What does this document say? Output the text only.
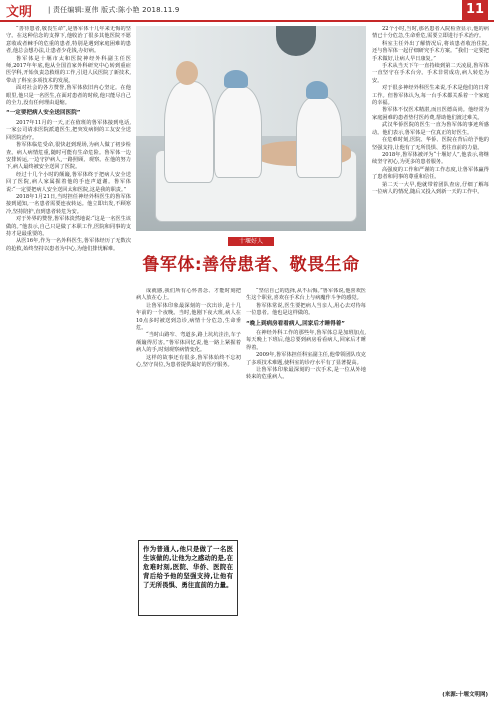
文明 | 责任编辑:夏伟 版式:陈小艳 2018.11.9	11

“善待患者,敬畏生命”,是鲁军体十几年来无悔的坚守。在这种信念的支撑下,他收治了很多其他医院不愿意收或者棘手的危重的患者,特别是遇到家庭困难的患者,他总会想办法,让患者少花钱,办好病。

鲁军体是十堰市太和医院神经外科副主任医师,2017年年底,他从全国首家外科研究中心转到重症医学科,开始负责急救组的工作,引进人民医院了新技术,带动了科室多项技术的发展。

面对社会的各方赞誉,鲁军体依旧内心坚定。在他眼里,他只是一名医生,在面对患者的时候,他只能尽自己的全力,没有任何理由退缩。

“一定要把病人安全送回医院”

2017年11月的一天,正在值班的鲁军体接到电话,一家公司请求医院派遣医生,把突发病倒的工友安全送回医院治疗。

鲁军体临危受命,很快赶到现场,为病人做了初步检查。病人病情危重,随时可能有生命危险。鲁军体一边安排转运,一边守护病人,一路照顾、观察。在他的努力下,病人最终被安全送回了医院。

经过十几个小时的颠簸,鲁军体终于把病人安全送回了医院,病人家属握着他的手连声道谢。鲁军体说:“一定要把病人安全送回太和医院,这是我的职责。”

2018年1月21日,当时担任神经外科医生的鲁军体接到通知,一名患者需要连夜转运。他立即出发,不顾寒冷,坚持陪护,直到患者转危为安。

对于外界的赞誉,鲁军体淡然地说:“这是一名医生该做的。”他表示,自己只是做了本职工作,医院和同事的支持才是最重要的。

从医16年,作为一名外科医生,鲁军体经历了无数次的抢救,始终坚持以患者为中心,为他们排忧解难。

十堰好人
鲁军体:善待患者、敬畏生命

成就感,我们所有心怀善念、才能时刻把病人放在心上。

让鲁军体印象最深刻的一次出诊,是十几年前的一个夜晚。当时,他刚下夜大班,病人在10点多时被送到急诊,病情十分危急,生命垂危。

“当时山路窄、弯道多,路上坑坑洼洼,车子颠簸得厉害。”鲁军体回忆说,他一路上紧握着病人的手,时刻观察病情变化。

这样的故事还有很多,鲁军体始终不忘初心,坚守岗位,为患者提供最好的医疗服务。

作为普通人,他只是做了一名医生该做的,让他为之感动的是,在危难时刻,医院、华侨、医院在背后给予他的坚强支持,让他有了无所畏惧、勇往直前的力量。

“坚信自己的选择,从不后悔。”鲁军体说,他喜欢医生这个职业,喜欢在手术台上与病魔作斗争的感觉。

鲁军体常说,医生要把病人当亲人,用心去对待每一位患者。他也是这样做的。

“晚上到病房看看病人,回家后才睡得着”

在神经外科工作的那些年,鲁军体总是加班加点,每天晚上下班后,他总要到病房看看病人,回家后才睡得着。

2009年,鲁军体担任科室副主任,他带领团队攻克了多项技术难题,使科室的诊疗水平有了显著提高。

让鲁军体印象最深刻的一次手术,是一位从外地转来的危重病人。

22个小时,当时,那名患者入院检查显示,他的病情已十分危急,生命垂危,需要立即进行手术治疗。

科室主任外出了解情况后,将该患者收治住院,还与鲁军体一起仔细研究手术方案。“我们一定要把手术做好,让病人早日康复。”

手术从当天下午一直持续到第二天凌晨,鲁军体一直坚守在手术台旁。手术非常成功,病人转危为安。

对于很多神经外科医生来说,手术是他们的日常工作。但鲁军体认为,每一台手术都关系着一个家庭的幸福。

鲁军体不仅医术精湛,而且医德高尚。他经常为家庭困难的患者垫付医药费,帮助他们渡过难关。

武汉华侨医院的医生一直为鲁军体的事迹所感动。他们表示,鲁军体是一位真正的好医生。

在危难时刻,医院、华侨、医院在背后给予他的坚强支持,让他有了无所畏惧、勇往直前的力量。

2018年,鲁军体被评为“十堰好人”,他表示,将继续坚守初心,为更多的患者服务。

高强度的工作和严谨的工作态度,让鲁军体赢得了患者和同事的尊重和信任。

第二天一大早,他就带着团队查房,仔细了解每一位病人的情况,随后又投入到新一天的工作中。

(来源:十堰文明网)
